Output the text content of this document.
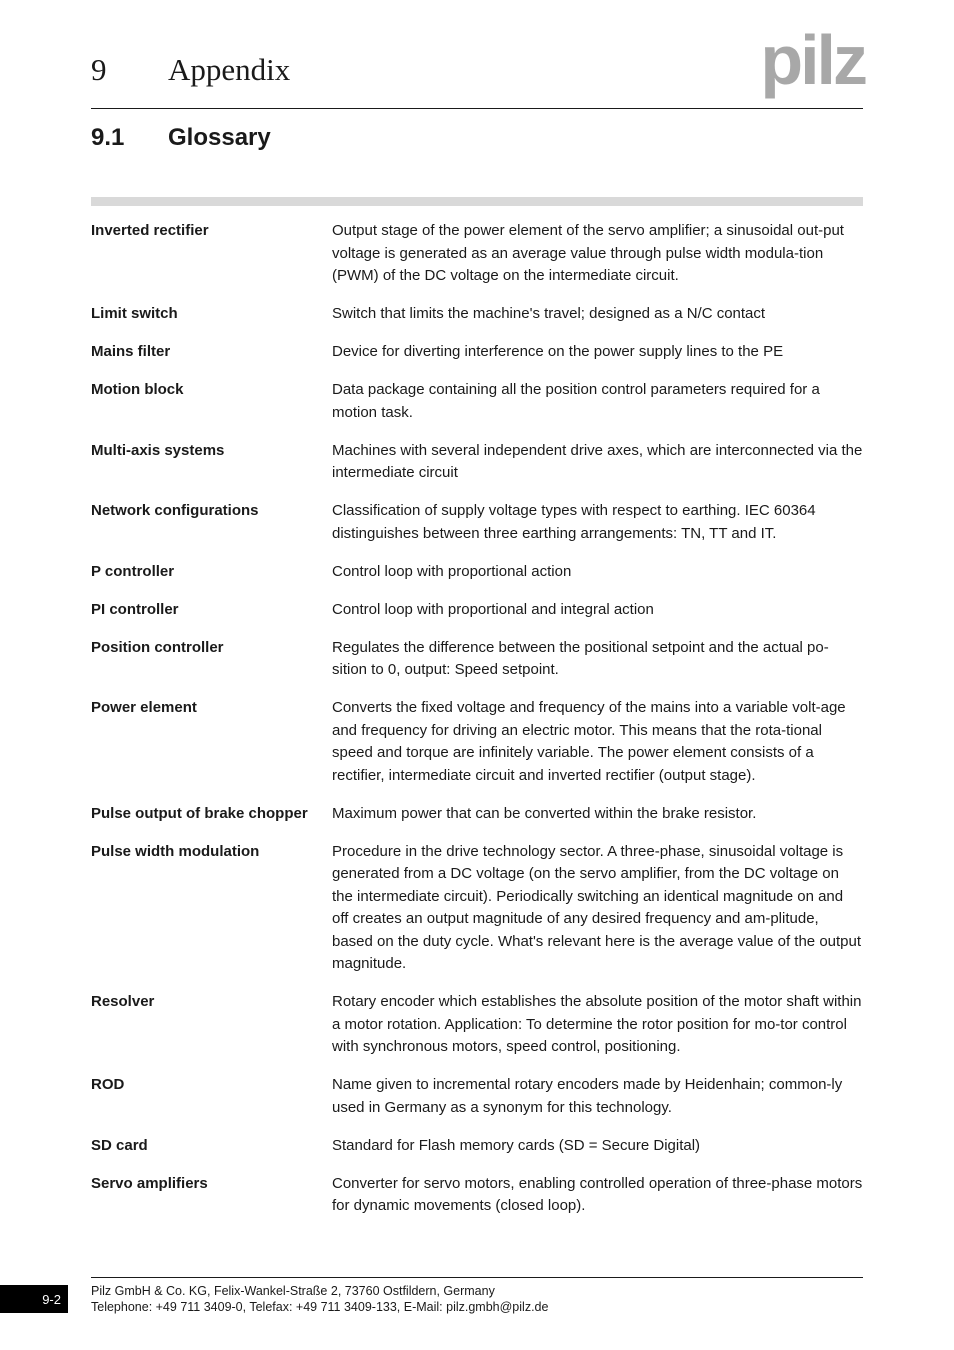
9 Appendix	pilz
9.1 Glossary
Inverted rectifier	Output stage of the power element of the servo amplifier; a sinusoidal out-put voltage is generated as an average value through pulse width modula-tion (PWM) of the DC voltage on the intermediate circuit.
Limit switch	Switch that limits the machine's travel; designed as a N/C contact
Mains filter	Device for diverting interference on the power supply lines to the PE
Motion block	Data package containing all the position control parameters required for a motion task.
Multi-axis systems	Machines with several independent drive axes, which are interconnected via the intermediate circuit
Network configurations	Classification of supply voltage types with respect to earthing. IEC 60364 distinguishes between three earthing arrangements: TN, TT and IT.
P controller	Control loop with proportional action
PI controller	Control loop with proportional and integral action
Position controller	Regulates the difference between the positional setpoint and the actual po-sition to 0, output: Speed setpoint.
Power element	Converts the fixed voltage and frequency of the mains into a variable volt-age and frequency for driving an electric motor. This means that the rota-tional speed and torque are infinitely variable. The power element consists of a rectifier, intermediate circuit and inverted rectifier (output stage).
Pulse output of brake chopper	Maximum power that can be converted within the brake resistor.
Pulse width modulation	Procedure in the drive technology sector. A three-phase, sinusoidal voltage is generated from a DC voltage (on the servo amplifier, from the DC voltage on the intermediate circuit). Periodically switching an identical magnitude on and off creates an output magnitude of any desired frequency and am-plitude, based on the duty cycle. What's relevant here is the average value of the output magnitude.
Resolver	Rotary encoder which establishes the absolute position of the motor shaft within a motor rotation. Application: To determine the rotor position for mo-tor control with synchronous motors, speed control, positioning.
ROD	Name given to incremental rotary encoders made by Heidenhain; common-ly used in Germany as a synonym for this technology.
SD card	Standard for Flash memory cards (SD = Secure Digital)
Servo amplifiers	Converter for servo motors, enabling controlled operation of three-phase motors for dynamic movements (closed loop).
9-2
Pilz GmbH & Co. KG, Felix-Wankel-Straße 2, 73760 Ostfildern, Germany
Telephone: +49 711 3409-0, Telefax: +49 711 3409-133, E-Mail: pilz.gmbh@pilz.de
